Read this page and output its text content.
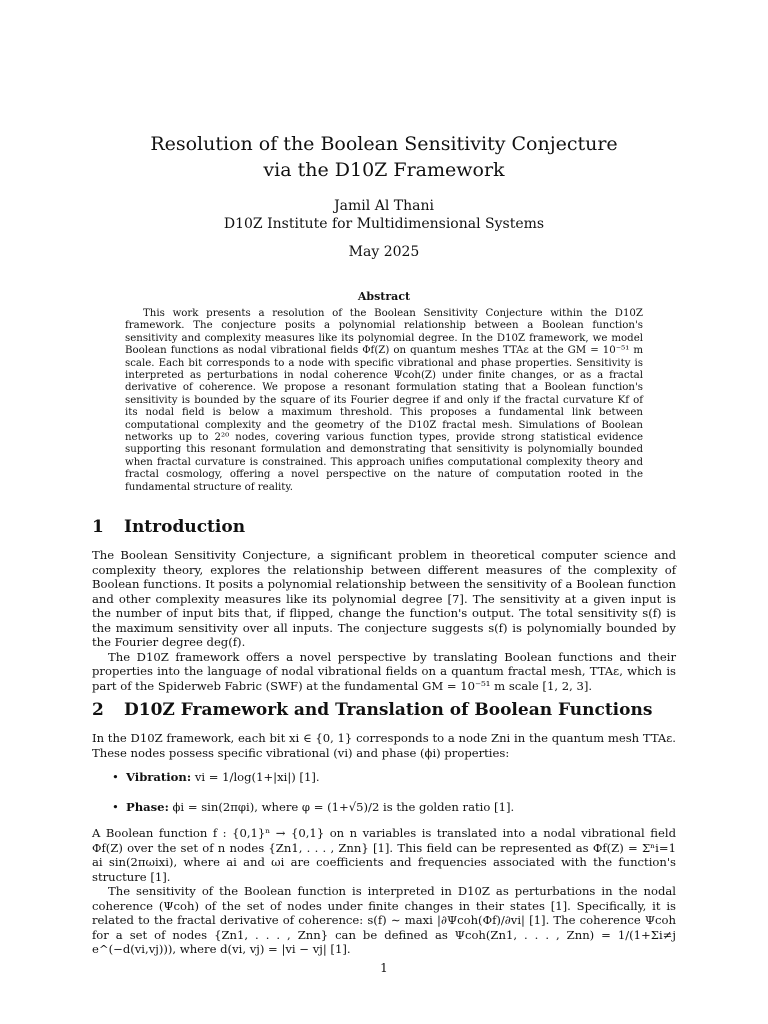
Resolution of the Boolean Sensitivity Conjecture
via the D10Z Framework
Jamil Al Thani
D10Z Institute for Multidimensional Systems
May 2025
Abstract

This work presents a resolution of the Boolean Sensitivity Conjecture within the D10Z framework. The conjecture posits a polynomial relationship between a Boolean function's sensitivity and complexity measures like its polynomial degree. In the D10Z framework, we model Boolean functions as nodal vibrational fields Φf(Z) on quantum meshes TTAε at the GM = 10⁻⁵¹ m scale. Each bit corresponds to a node with specific vibrational and phase properties. Sensitivity is interpreted as perturbations in nodal coherence Ψcoh(Z) under finite changes, or as a fractal derivative of coherence. We propose a resonant formulation stating that a Boolean function's sensitivity is bounded by the square of its Fourier degree if and only if the fractal curvature Kf of its nodal field is below a maximum threshold. This proposes a fundamental link between computational complexity and the geometry of the D10Z fractal mesh. Simulations of Boolean networks up to 2²⁰ nodes, covering various function types, provide strong statistical evidence supporting this resonant formulation and demonstrating that sensitivity is polynomially bounded when fractal curvature is constrained. This approach unifies computational complexity theory and fractal cosmology, offering a novel perspective on the nature of computation rooted in the fundamental structure of reality.

1 Introduction

The Boolean Sensitivity Conjecture, a significant problem in theoretical computer science and complexity theory, explores the relationship between different measures of the complexity of Boolean functions. It posits a polynomial relationship between the sensitivity of a Boolean function and other complexity measures like its polynomial degree [7]. The sensitivity at a given input is the number of input bits that, if flipped, change the function's output. The total sensitivity s(f) is the maximum sensitivity over all inputs. The conjecture suggests s(f) is polynomially bounded by the Fourier degree deg(f).

The D10Z framework offers a novel perspective by translating Boolean functions and their properties into the language of nodal vibrational fields on a quantum fractal mesh, TTAε, which is part of the Spiderweb Fabric (SWF) at the fundamental GM = 10⁻⁵¹ m scale [1, 2, 3].

2 D10Z Framework and Translation of Boolean Functions

In the D10Z framework, each bit xi ∈ {0, 1} corresponds to a node Zni in the quantum mesh TTAε. These nodes possess specific vibrational (vi) and phase (ϕi) properties:

• Vibration: vi = 1/log(1+|xi|) [1].
• Phase: ϕi = sin(2πφi), where φ = (1+√5)/2 is the golden ratio [1].

A Boolean function f : {0,1}ⁿ → {0,1} on n variables is translated into a nodal vibrational field Φf(Z) over the set of n nodes {Zn1, . . . , Znn} [1]. This field can be represented as Φf(Z) = Σⁿi=1 ai sin(2πωixi), where ai and ωi are coefficients and frequencies associated with the function's structure [1].

The sensitivity of the Boolean function is interpreted in D10Z as perturbations in the nodal coherence (Ψcoh) of the set of nodes under finite changes in their states [1]. Specifically, it is related to the fractal derivative of coherence: s(f) ∼ maxi |∂Ψcoh(Φf)/∂vi| [1]. The coherence Ψcoh for a set of nodes {Zn1, . . . , Znn} can be defined as Ψcoh(Zn1, . . . , Znn) = 1/(1+Σi≠j e^(−d(vi,vj))), where d(vi, vj) = |vi − vj| [1].

1
